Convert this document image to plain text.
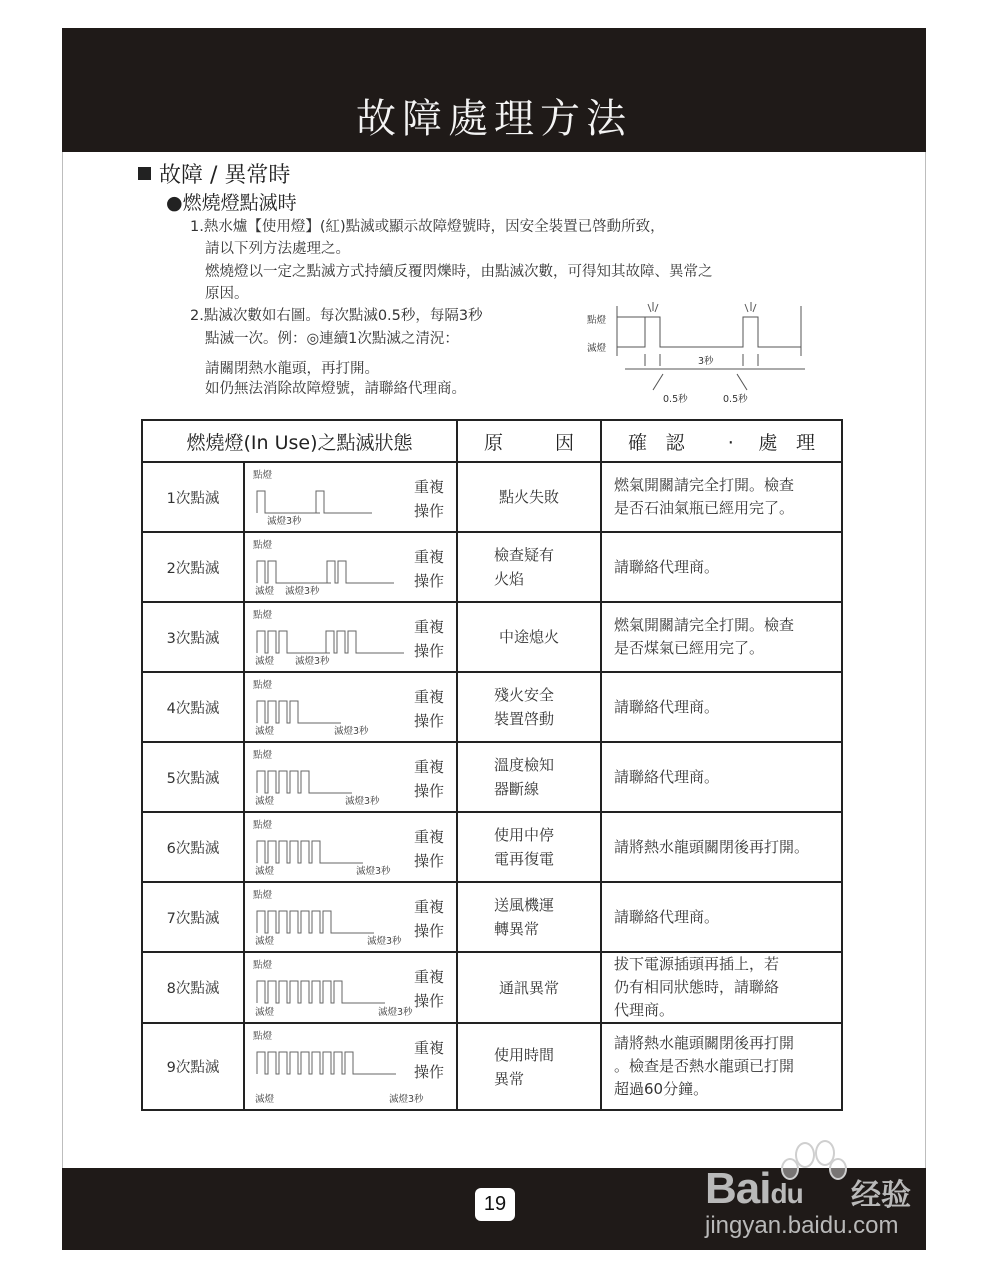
故障處理方法
故障 / 異常時
●燃燒燈點滅時
1.熱水爐【使用燈】(紅)點滅或顯示故障燈號時，因安全裝置已啓動所致，
請以下列方法處理之。
燃燒燈以一定之點滅方式持續反覆閃爍時，由點滅次數，可得知其故障、異常之
原因。
2.點滅次數如右圖。每次點滅0.5秒，每隔3秒
點滅一次。例：◎連續1次點滅之清況：
請關閉熱水龍頭，再打開。
如仍無法消除故障燈號，請聯絡代理商。
點燈
滅燈
3秒
0.5秒	0.5秒
燃燒燈(In Use)之點滅狀態		原因	確認 · 處理
1次點滅	點燈
滅燈3秒
重複
操作	點火失敗	燃氣開關請完全打開。檢查
是否石油氣瓶已經用完了。
2次點滅	點燈
滅燈 滅燈3秒
重複
操作	檢查疑有
火焰	請聯絡代理商。
3次點滅	點燈
滅燈 滅燈3秒
重複
操作	中途熄火	燃氣開關請完全打開。檢查
是否煤氣已經用完了。
4次點滅	點燈
滅燈 滅燈3秒
重複
操作	殘火安全
裝置啓動	請聯絡代理商。
5次點滅	點燈
滅燈 滅燈3秒
重複
操作	溫度檢知
器斷線	請聯絡代理商。
6次點滅	點燈
滅燈 滅燈3秒
重複
操作	使用中停
電再復電	請將熱水龍頭關閉後再打開。
7次點滅	點燈
滅燈 滅燈3秒
重複
操作	送風機運
轉異常	請聯絡代理商。
8次點滅	點燈
滅燈 滅燈3秒
重複
操作	通訊異常	拔下電源插頭再插上，若
仍有相同狀態時，請聯絡
代理商。
9次點滅	點燈
滅燈 滅燈3秒
重複
操作	使用時間
異常	請將熱水龍頭關閉後再打開
。檢查是否熱水龍頭已打開
超過60分鐘。
19	Baidu 经验
jingyan.baidu.com
